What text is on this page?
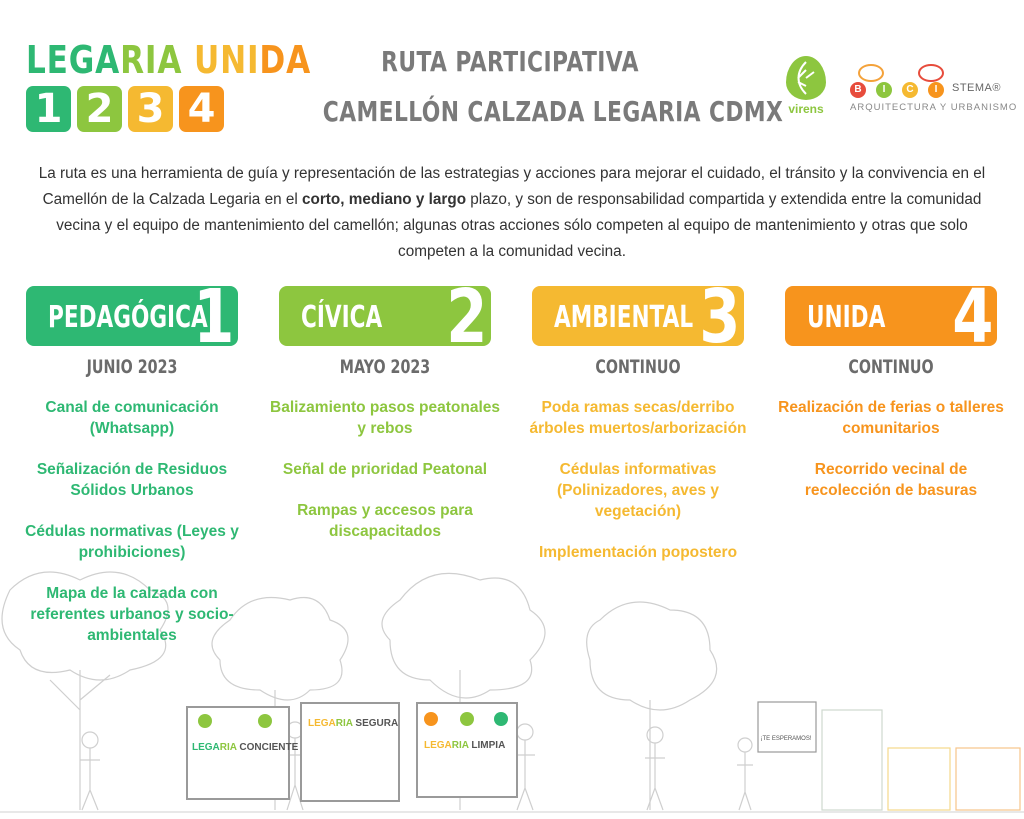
LEGARIA UNIDA
1 2 3 4
RUTA PARTICIPATIVA
CAMELLÓN CALZADA LEGARIA CDMX virens
B	I	C	I	STEMA®
ARQUITECTURA Y URBANISMO
La ruta es una herramienta de guía y representación de las estrategias y acciones para mejorar el cuidado, el tránsito y la convivencia en el Camellón de la Calzada Legaria en el corto, mediano y largo plazo, y son de responsabilidad compartida y extendida entre la comunidad vecina y el equipo de mantenimiento del camellón; algunas otras acciones sólo competen al equipo de mantenimiento y otras que solo competen a la comunidad vecina.
LEGARIA CONCIENTE
LEGARIA SEGURA
LEGARIA LIMPIA
¡TE ESPERAMOS!
PEDAGÓGICA
1
JUNIO 2023
Canal de comunicación (Whatsapp)
Señalización de Residuos Sólidos Urbanos
Cédulas normativas (Leyes y prohibiciones)
Mapa de la calzada con referentes urbanos y socio-ambientales
CÍVICA 2
MAYO 2023
Balizamiento pasos peatonales y rebos
Señal de prioridad Peatonal
Rampas y accesos para discapacitados
AMBIENTAL 3
CONTINUO
Poda ramas secas/derribo árboles muertos/arborización
Cédulas informativas (Polinizadores, aves y vegetación)
Implementación popostero
UNIDA 4
CONTINUO
Realización de ferias o talleres comunitarios
Recorrido vecinal de recolección de basuras
